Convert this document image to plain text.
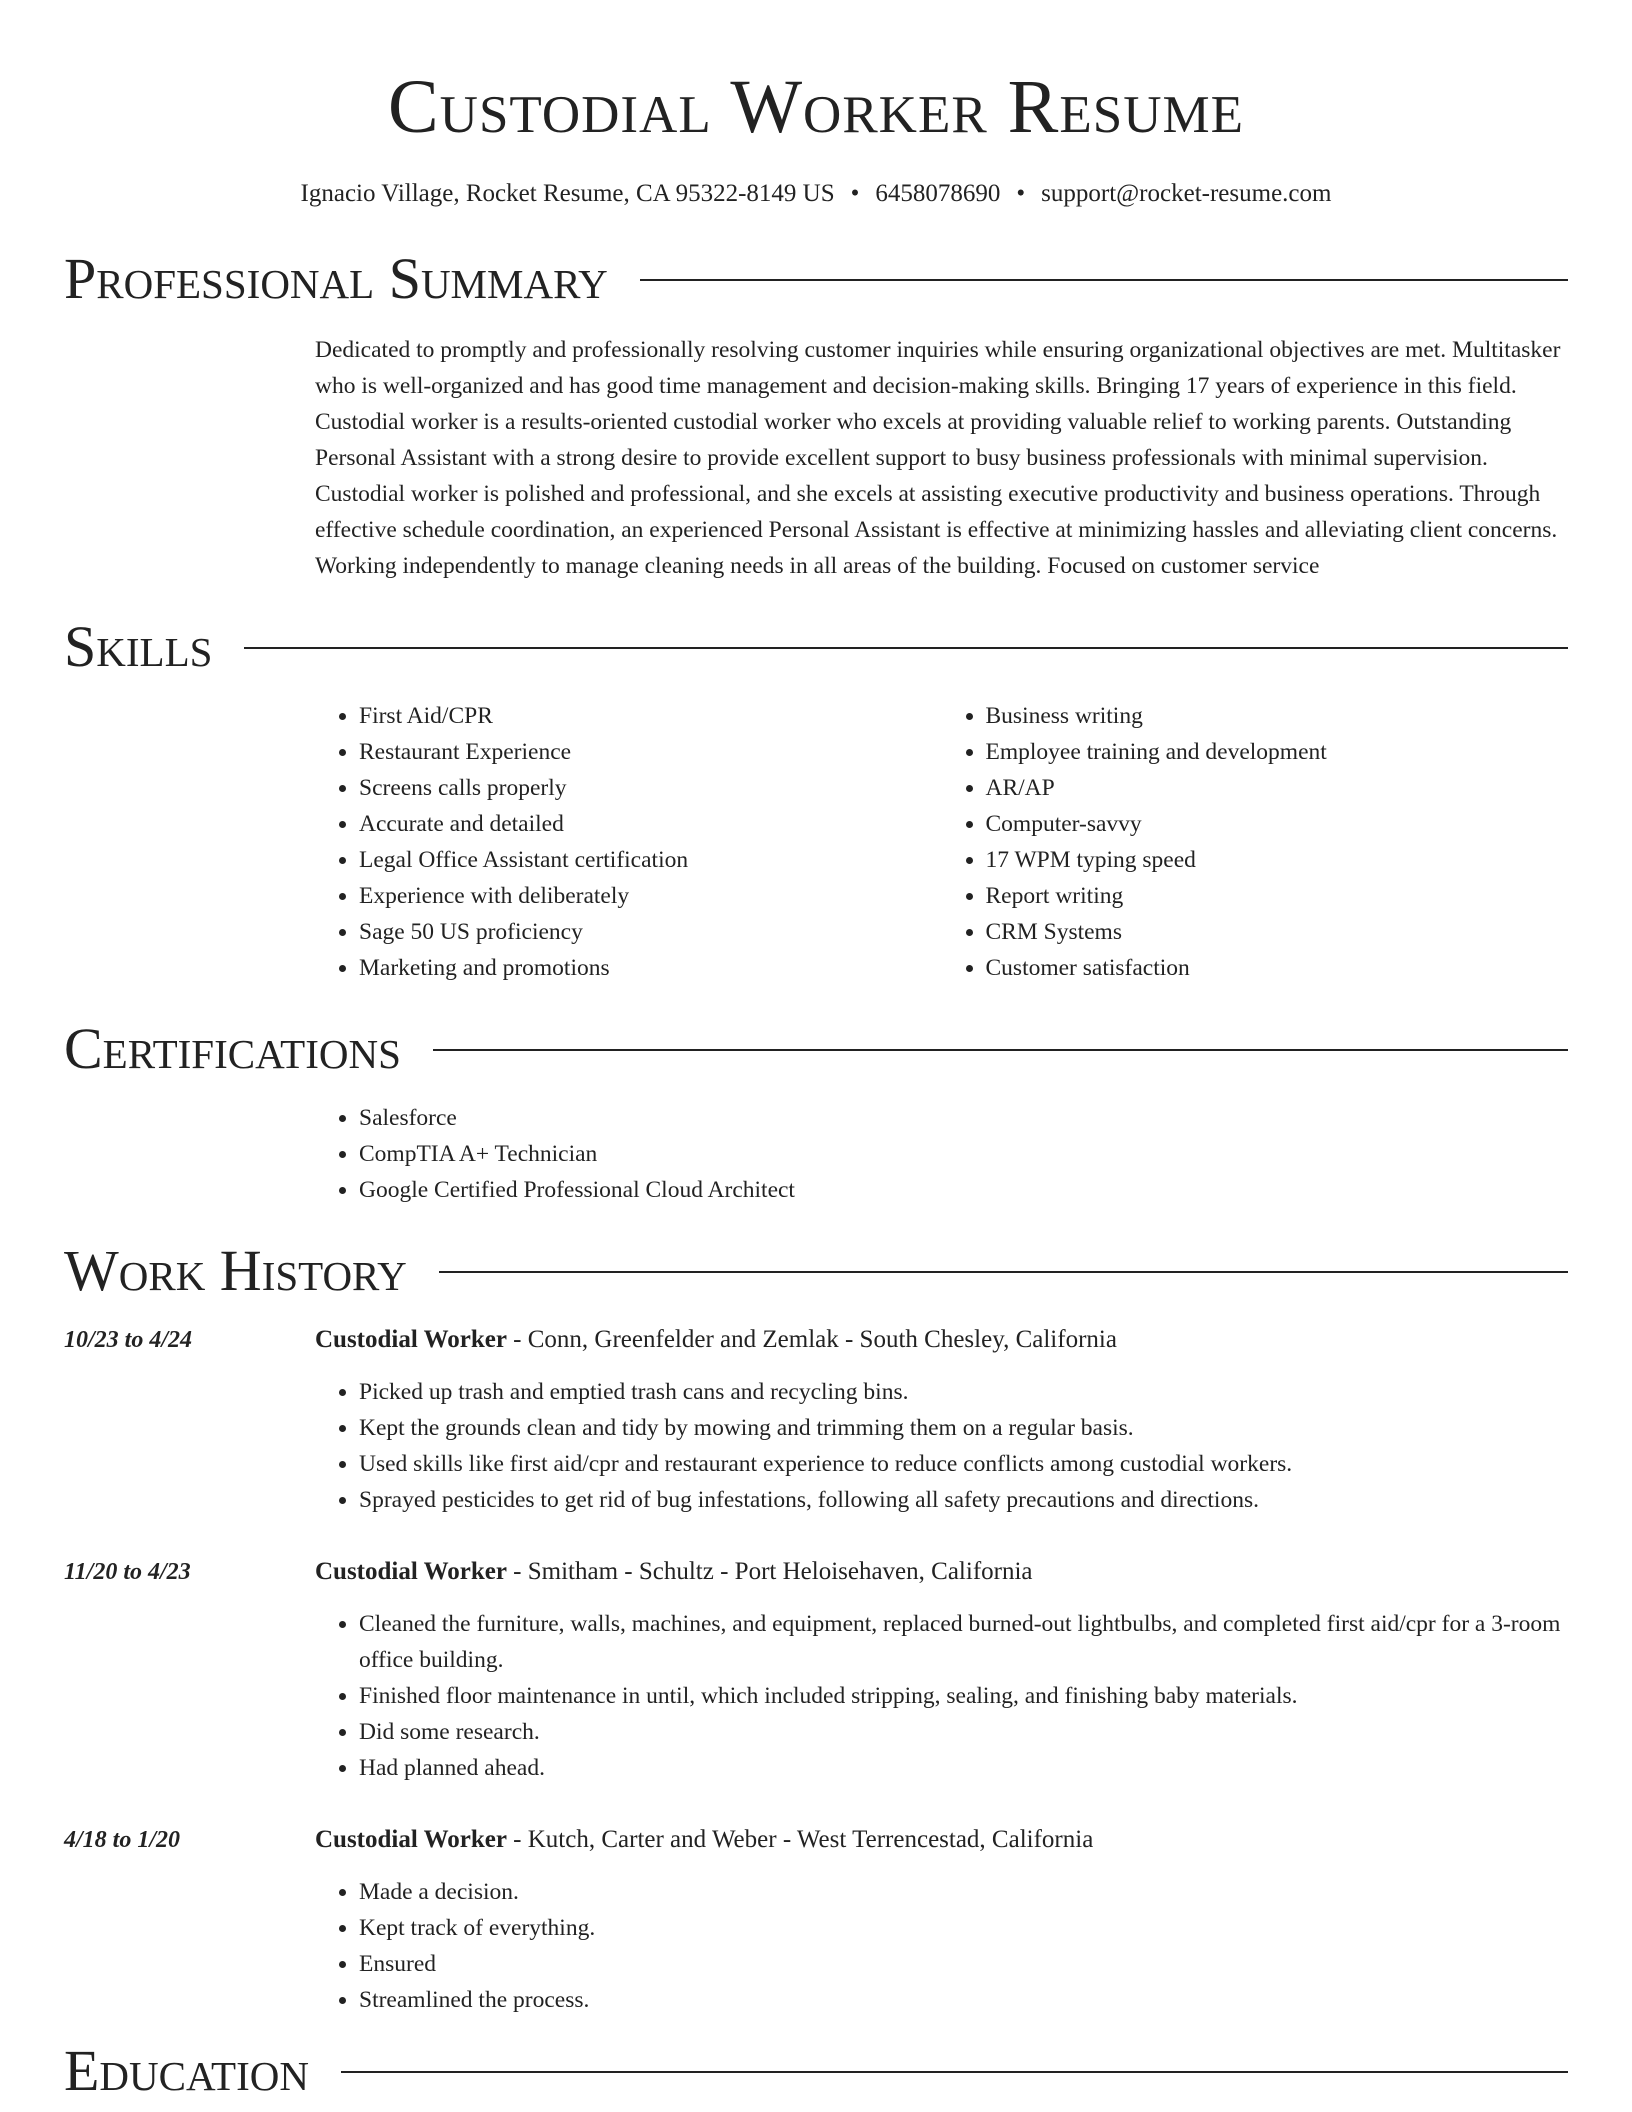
Custodial Worker Resume
Ignacio Village, Rocket Resume, CA 95322-8149 US • 6458078690 • support@rocket-resume.com
Professional Summary
Dedicated to promptly and professionally resolving customer inquiries while ensuring organizational objectives are met. Multitasker who is well-organized and has good time management and decision-making skills. Bringing 17 years of experience in this field. Custodial worker is a results-oriented custodial worker who excels at providing valuable relief to working parents. Outstanding Personal Assistant with a strong desire to provide excellent support to busy business professionals with minimal supervision. Custodial worker is polished and professional, and she excels at assisting executive productivity and business operations. Through effective schedule coordination, an experienced Personal Assistant is effective at minimizing hassles and alleviating client concerns. Working independently to manage cleaning needs in all areas of the building. Focused on customer service
Skills
• First Aid/CPR
• Restaurant Experience
• Screens calls properly
• Accurate and detailed
• Legal Office Assistant certification
• Experience with deliberately
• Sage 50 US proficiency
• Marketing and promotions
• Business writing
• Employee training and development
• AR/AP
• Computer-savvy
• 17 WPM typing speed
• Report writing
• CRM Systems
• Customer satisfaction
Certifications
• Salesforce
• CompTIA A+ Technician
• Google Certified Professional Cloud Architect
Work History
10/23 to 4/24	Custodial Worker - Conn, Greenfelder and Zemlak - South Chesley, California
• Picked up trash and emptied trash cans and recycling bins.
• Kept the grounds clean and tidy by mowing and trimming them on a regular basis.
• Used skills like first aid/cpr and restaurant experience to reduce conflicts among custodial workers.
• Sprayed pesticides to get rid of bug infestations, following all safety precautions and directions.
11/20 to 4/23	Custodial Worker - Smitham - Schultz - Port Heloisehaven, California
• Cleaned the furniture, walls, machines, and equipment, replaced burned-out lightbulbs, and completed first aid/cpr for a 3-room office building.
• Finished floor maintenance in until, which included stripping, sealing, and finishing baby materials.
• Did some research.
• Had planned ahead.
4/18 to 1/20	Custodial Worker - Kutch, Carter and Weber - West Terrencestad, California
• Made a decision.
• Kept track of everything.
• Ensured
• Streamlined the process.
Education
